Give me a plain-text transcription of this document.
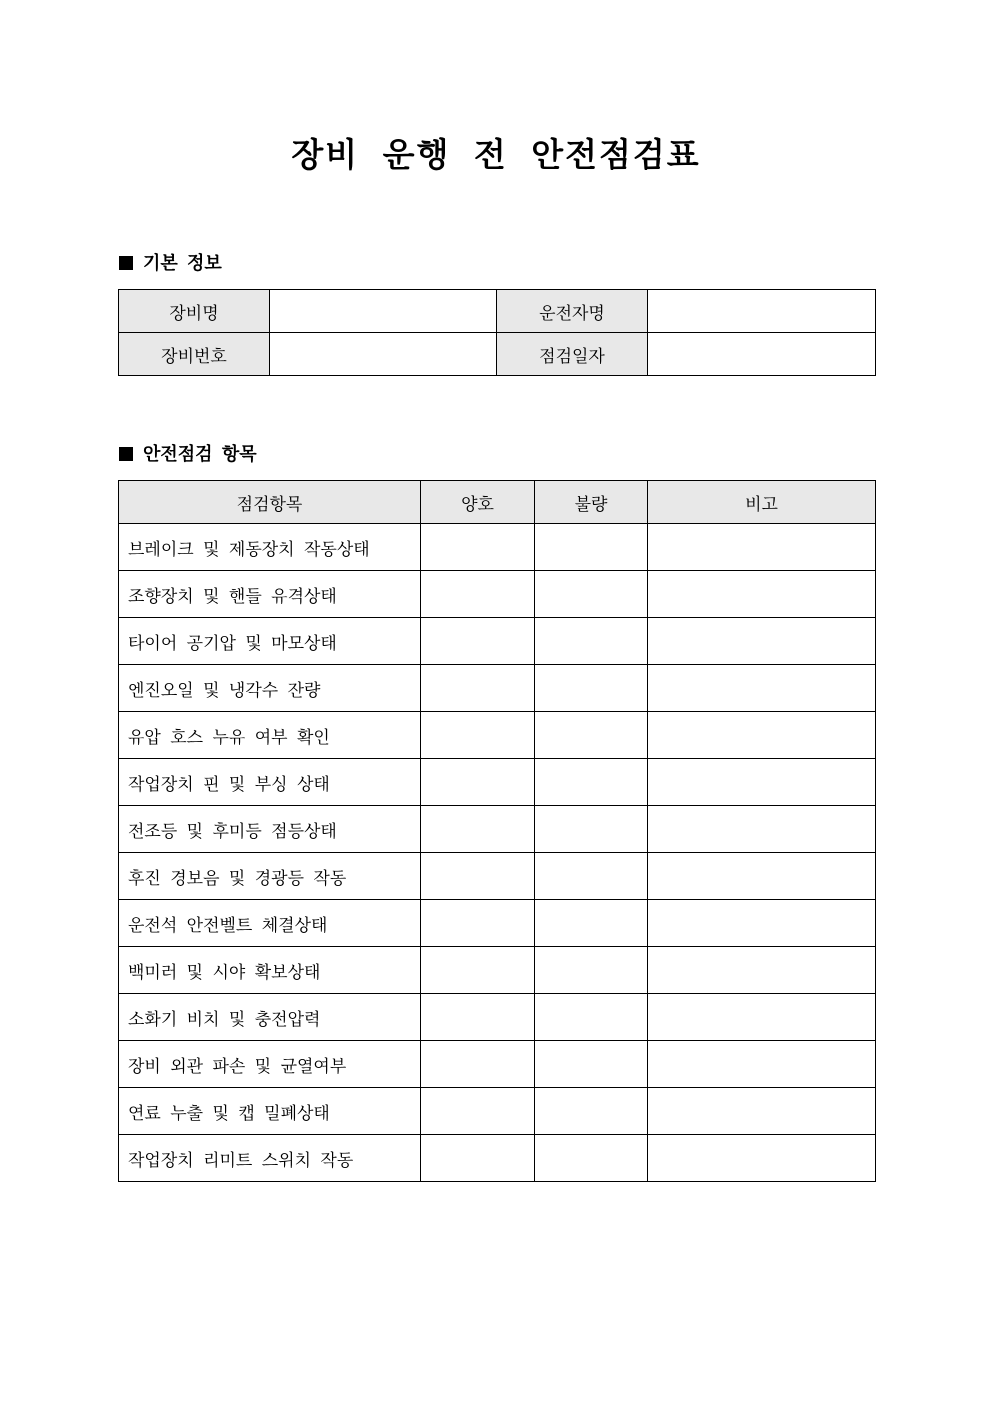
장비 운행 전 안전점검표
기본 정보
장비명		운전자명	
장비번호		점검일자	
안전점검 항목
점검항목	양호	불량	비고
브레이크 및 제동장치 작동상태			
조향장치 및 핸들 유격상태			
타이어 공기압 및 마모상태			
엔진오일 및 냉각수 잔량			
유압 호스 누유 여부 확인			
작업장치 핀 및 부싱 상태			
전조등 및 후미등 점등상태			
후진 경보음 및 경광등 작동			
운전석 안전벨트 체결상태			
백미러 및 시야 확보상태			
소화기 비치 및 충전압력			
장비 외관 파손 및 균열여부			
연료 누출 및 캡 밀폐상태			
작업장치 리미트 스위치 작동			
